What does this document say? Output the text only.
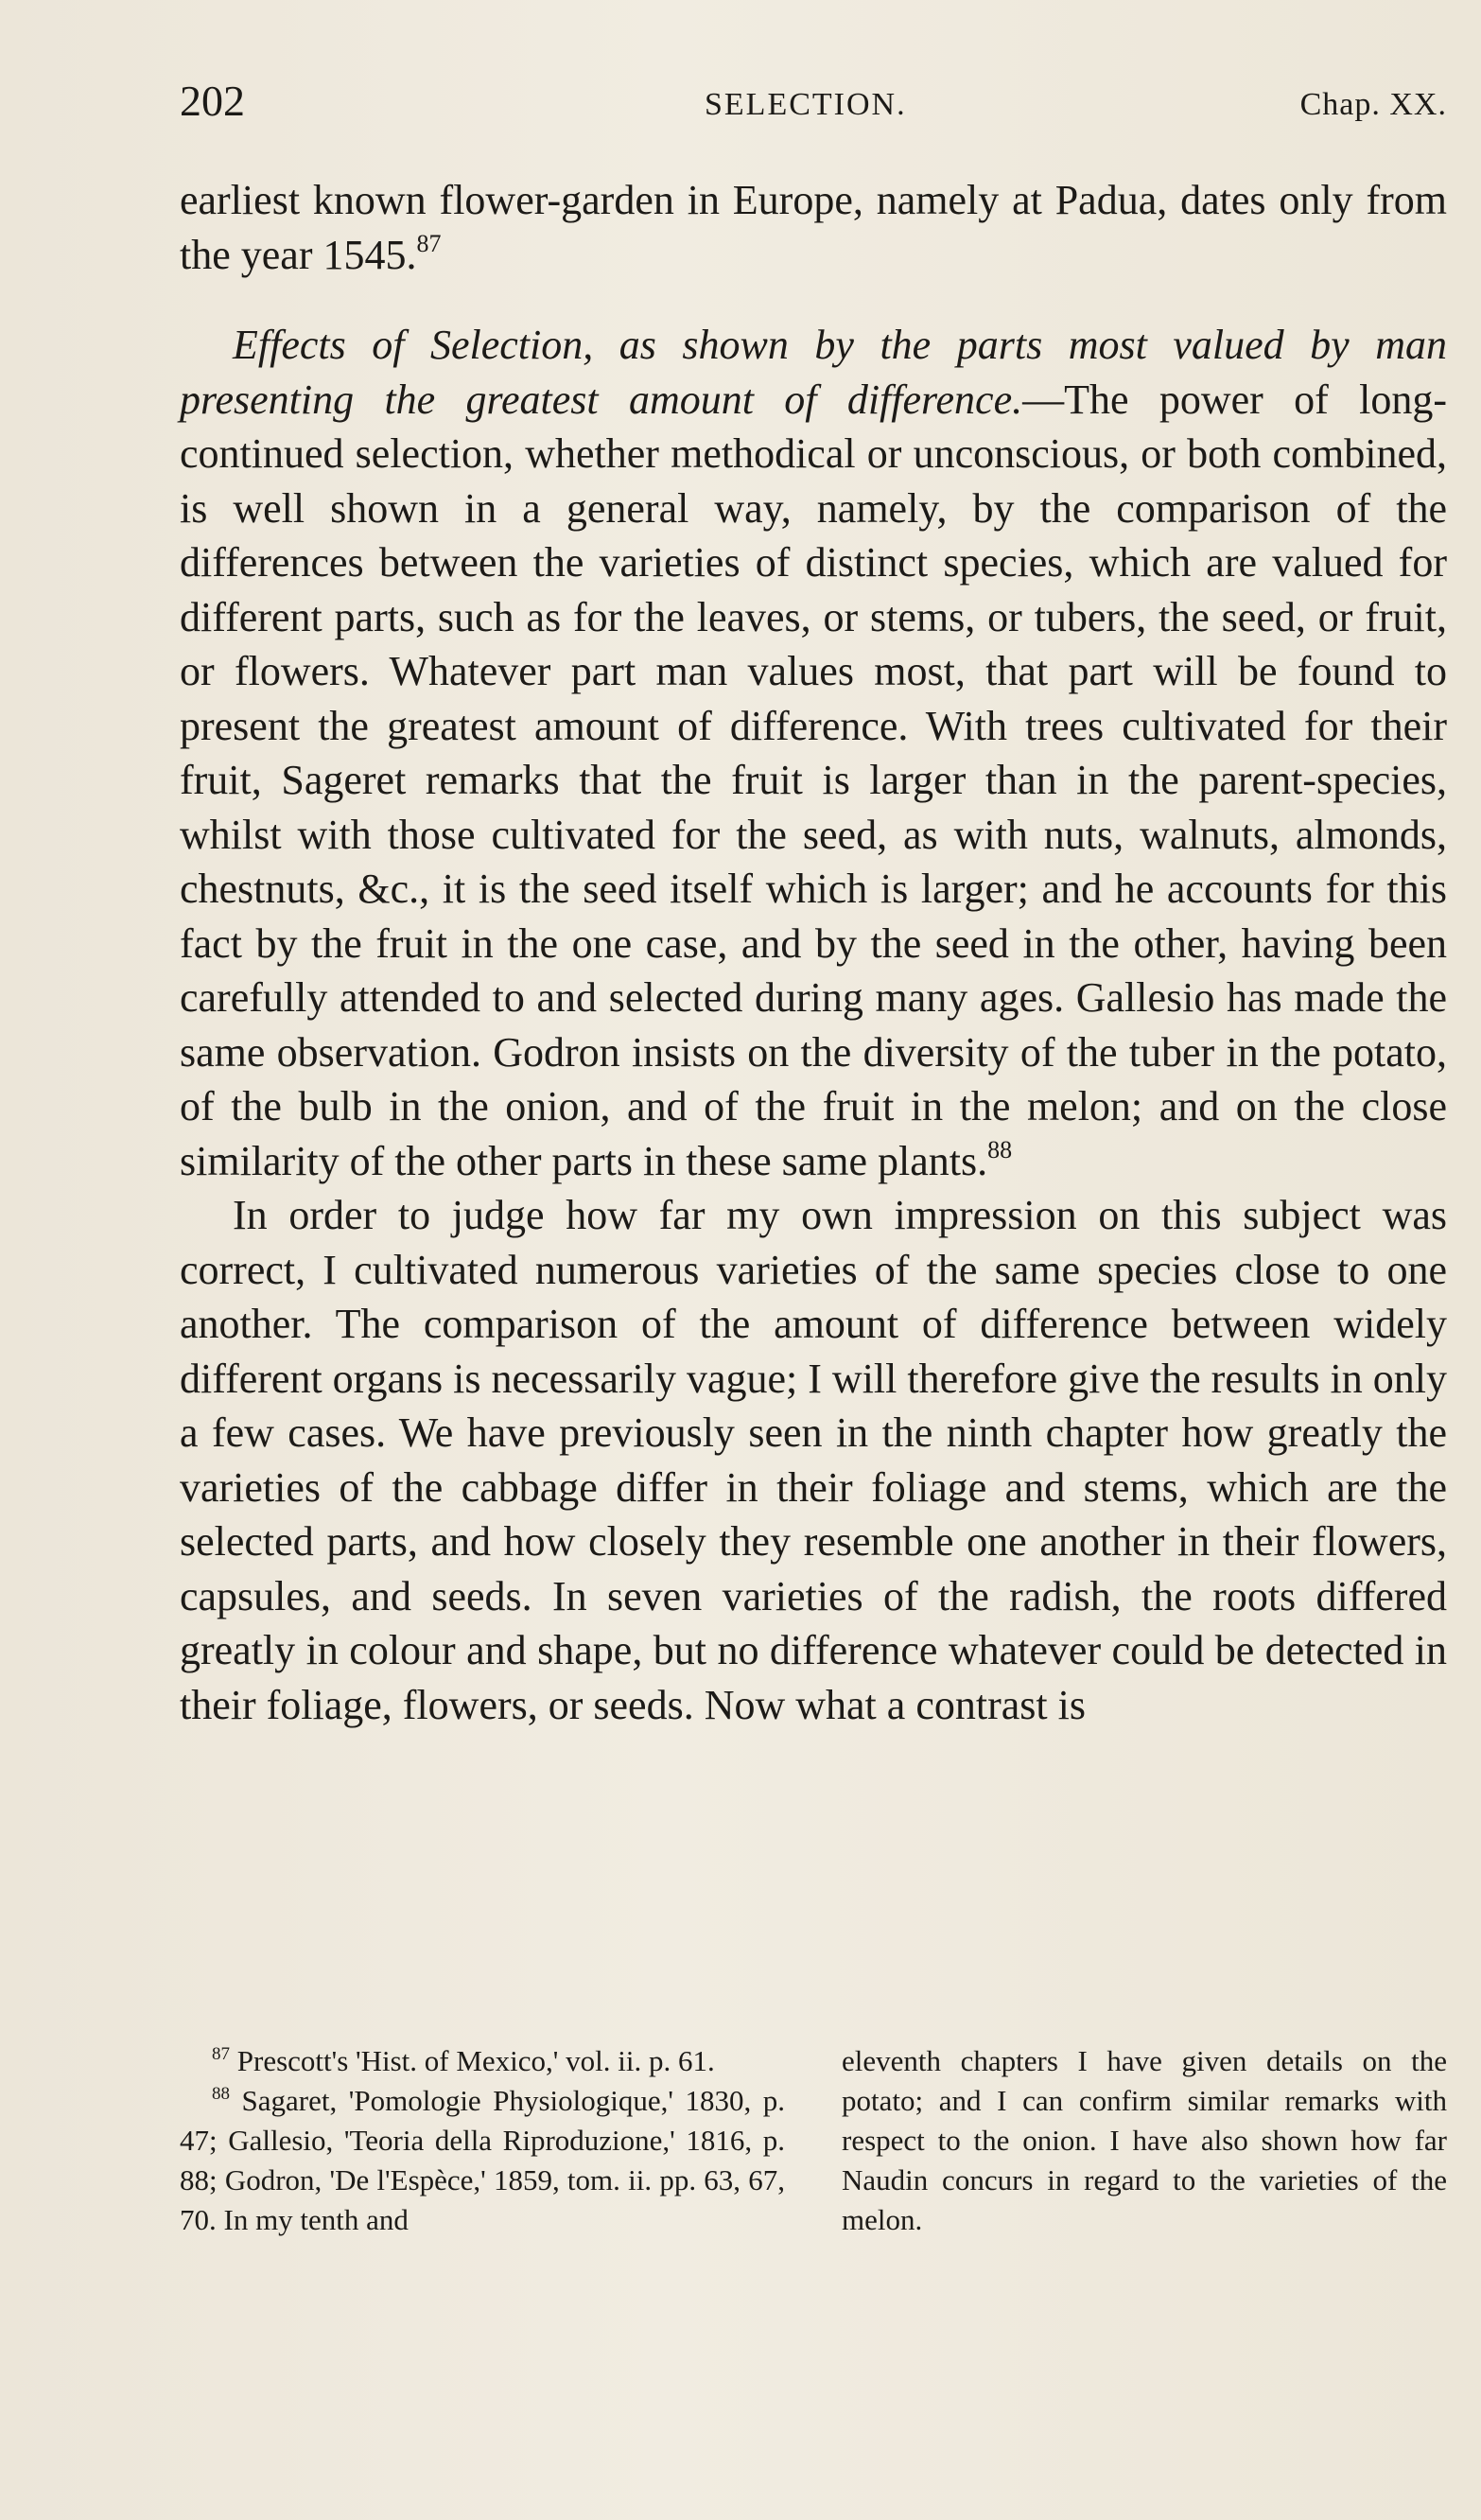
202	SELECTION.	Chap. XX.

earliest known flower-garden in Europe, namely at Padua, dates only from the year 1545.87

Effects of Selection, as shown by the parts most valued by man presenting the greatest amount of difference.—The power of long-continued selection, whether methodical or unconscious, or both combined, is well shown in a general way, namely, by the comparison of the differences between the varieties of distinct species, which are valued for different parts, such as for the leaves, or stems, or tubers, the seed, or fruit, or flowers. Whatever part man values most, that part will be found to present the greatest amount of difference. With trees cultivated for their fruit, Sageret remarks that the fruit is larger than in the parent-species, whilst with those cultivated for the seed, as with nuts, walnuts, almonds, chestnuts, &c., it is the seed itself which is larger; and he accounts for this fact by the fruit in the one case, and by the seed in the other, having been carefully attended to and selected during many ages. Gallesio has made the same observation. Godron insists on the diversity of the tuber in the potato, of the bulb in the onion, and of the fruit in the melon; and on the close similarity of the other parts in these same plants.$^{88}$

In order to judge how far my own impression on this subject was correct, I cultivated numerous varieties of the same species close to one another. The comparison of the amount of difference between widely different organs is necessarily vague; I will therefore give the results in only a few cases. We have previously seen in the ninth chapter how greatly the varieties of the cabbage differ in their foliage and stems, which are the selected parts, and how closely they resemble one another in their flowers, capsules, and seeds. In seven varieties of the radish, the roots differed greatly in colour and shape, but no difference whatever could be detected in their foliage, flowers, or seeds. Now what a contrast is

$^{87}$ Prescott's 'Hist. of Mexico,' vol. ii. p. 61.

$^{88}$ Sagaret, 'Pomologie Physiologique,' 1830, p. 47; Gallesio, 'Teoria della Riproduzione,' 1816, p. 88; Godron, 'De l'Espèce,' 1859, tom. ii. pp. 63, 67, 70. In my tenth and

eleventh chapters I have given details on the potato; and I can confirm similar remarks with respect to the onion. I have also shown how far Naudin concurs in regard to the varieties of the melon.
